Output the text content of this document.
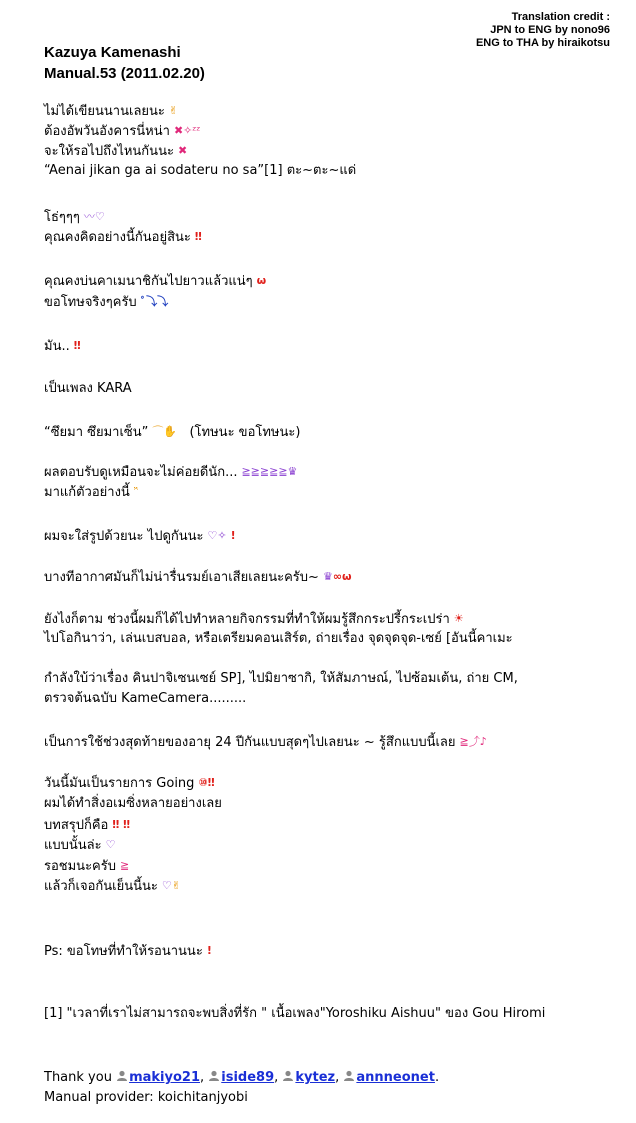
Translation credit :
JPN to ENG by nono96
ENG to THA by hiraikotsu
Kazuya Kamenashi
Manual.53 (2011.02.20)
ไม่ได้เขียนนานเลยนะ ✌
ต้องอัพวันอังคารนี่หน่า ✖✧ᶻᶻ
จะให้รอไปถึงไหนกันนะ ✖
“Aenai jikan ga ai sodateru no sa”[1] ตะ~ตะ~แด่
โธ่ๆๆๆ 〰♡
คุณคงคิดอย่างนี้กันอยู่สินะ ‼
คุณคงบ่นคาเมนาชิกันไปยาวแล้วแน่ๆ ω
ขอโทษจริงๆครับ ﾟ⤵⤵
มัน.. ‼
เป็นเพลง KARA
“ซึยมา ซึยมาเซ็น” ⌒✋ (โทษนะ ขอโทษนะ)
ผลตอบรับดูเหมือนจะไม่ค่อยดีนัก... ≧≧≧≧≧♛
มาแก้ตัวอย่างนี้ ᵔ̈
ผมจะใส่รูปด้วยนะ ไปดูกันนะ ♡✧ !
บางทีอากาศมันก็ไม่น่ารื่นรมย์เอาเสียเลยนะครับ~ ♛∞ω
ยังไงก็ตาม ช่วงนี้ผมก็ได้ไปทำหลายกิจกรรมที่ทำให้ผมรู้สึกกระปรี้กระเปร่า ☀
ไปโอกินาว่า, เล่นเบสบอล, หรือเตรียมคอนเสิร์ต, ถ่ายเรื่อง จุดจุดจุด-เซย์ [อันนี้คาเมะ
กำลังใบ้ว่าเรื่อง คินปาจิเซนเซย์ SP], ไปมิยาซากิ, ให้สัมภาษณ์, ไปซ้อมเต้น, ถ่าย CM,
ตรวจต้นฉบับ KameCamera.........
เป็นการใช้ช่วงสุดท้ายของอายุ 24 ปีกันแบบสุดๆไปเลยนะ ~ รู้สึกแบบนี้เลย ≧⤴♪
วันนี้มันเป็นรายการ Going ⑩‼
ผมได้ทำสิ่งอเมซิ่งหลายอย่างเลย
บทสรุปก็คือ ‼ ‼
แบบนั้นล่ะ ♡
รอชมนะครับ ≧
แล้วก็เจอกันเย็นนี้นะ ♡✌
Ps: ขอโทษที่ทำให้รอนานนะ !
[1] "เวลาที่เราไม่สามารถจะพบสิ่งที่รัก " เนื้อเพลง"Yoroshiku Aishuu" ของ Gou Hiromi
Thank you makiyo21, iside89, kytez, annneonet.
Manual provider: koichitanjyobi
